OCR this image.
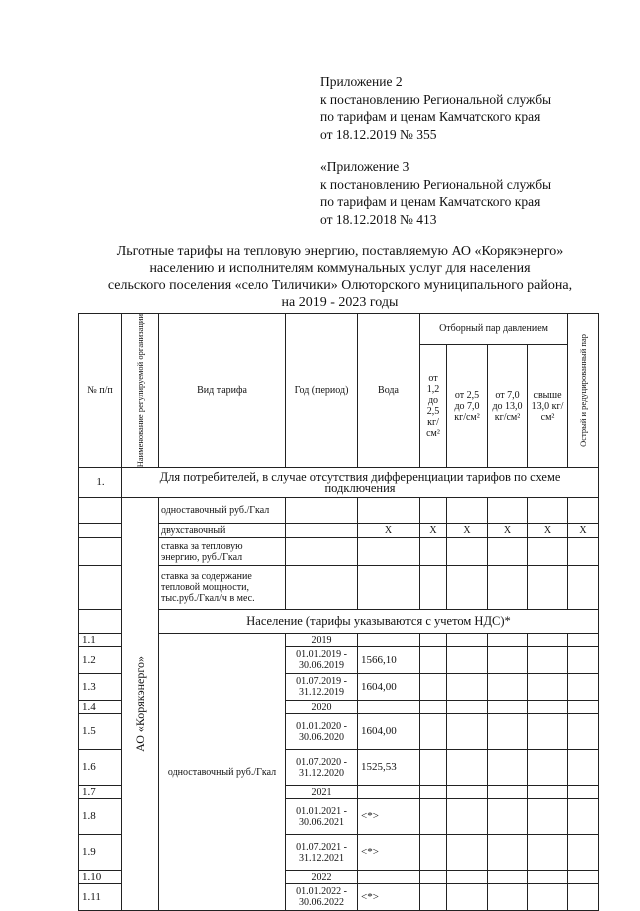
Приложение 2
к постановлению Региональной службы
по тарифам и ценам Камчатского края
от 18.12.2019 № 355
«Приложение 3
к постановлению Региональной службы
по тарифам и ценам Камчатского края
от 18.12.2018 № 413
Льготные тарифы на тепловую энергию, поставляемую АО «Корякэнерго»
населению и исполнителям коммунальных услуг для населения
сельского поселения «село Тиличики» Олюторского муниципального района,
на 2019 - 2023 годы
№ п/п	Наименование регулируемой организации	Вид тарифа	Год (период)	Вода	Отборный пар давлением				Острый и редуцированный пар

					от 1,2 до 2,5 кг/см²	от 2,5 до 7,0 кг/см²	от 7,0 до 13,0 кг/см²	свыше 13,0 кг/см²	
1.	Для потребителей, в случае отсутствия дифференциации тарифов по схеме подключения								

	АО «Корякэнерго»	одноставочный руб./Гкал							
		двухставочный		Х	Х	Х	Х	Х	Х
		ставка за тепловую энергию, руб./Гкал							
		ставка за содержание тепловой мощности, тыс.руб./Гкал/ч в мес.							
		Население (тарифы указываются с учетом НДС)*							
1.1		одноставочный руб./Гкал	2019						
1.2			01.01.2019 - 30.06.2019	1566,10					
1.3			01.07.2019 - 31.12.2019	1604,00					
1.4			2020						
1.5			01.01.2020 - 30.06.2020	1604,00					
1.6			01.07.2020 - 31.12.2020	1525,53					
1.7			2021						
1.8			01.01.2021 - 30.06.2021	<*>					
1.9			01.07.2021 - 31.12.2021	<*>					
1.10			2022						
1.11			01.01.2022 - 30.06.2022	<*>					
